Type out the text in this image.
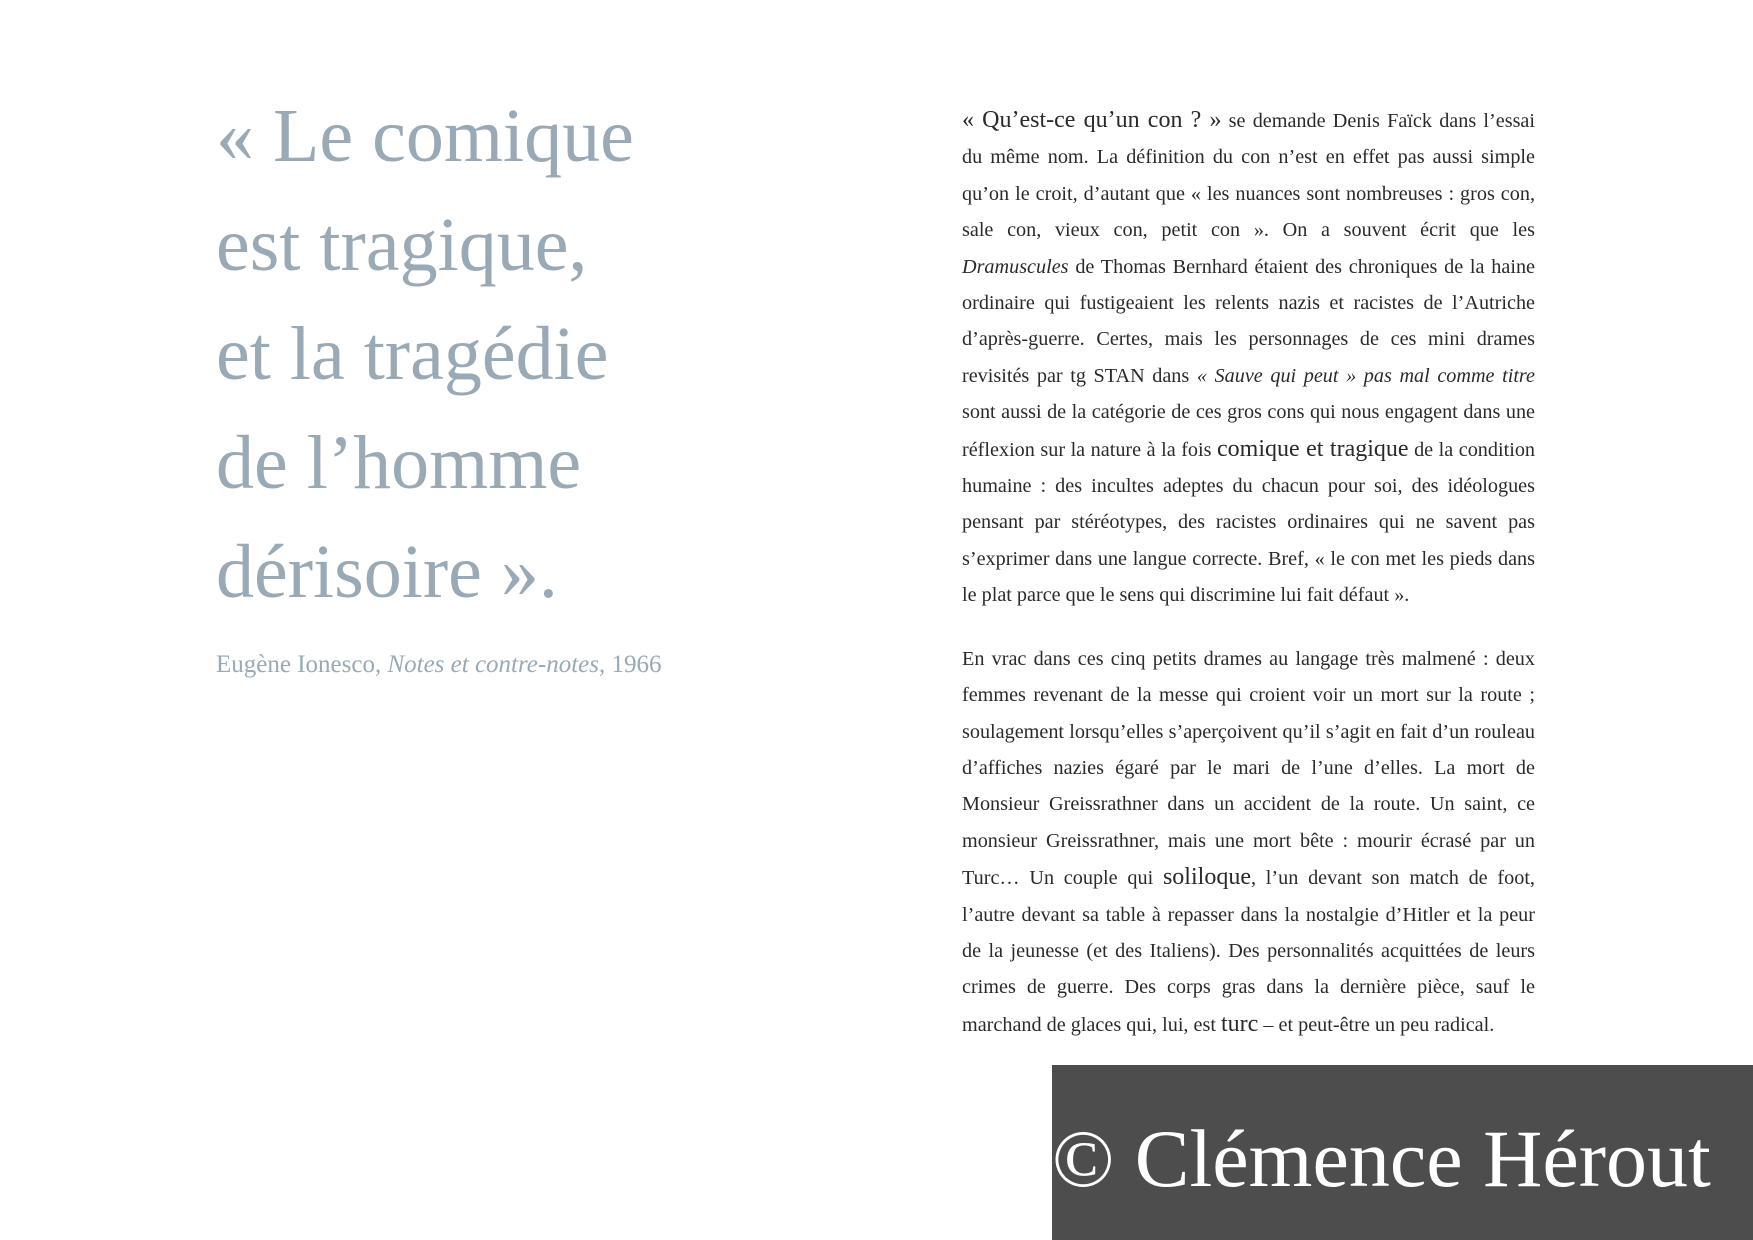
« Le comique
est tragique,
et la tragédie
de l’homme
dérisoire ».
Eugène Ionesco, Notes et contre-notes, 1966

« Qu’est-ce qu’un con ? » se demande Denis Faïck dans l’essai du même nom. La définition du con n’est en effet pas aussi simple qu’on le croit, d’autant que « les nuances sont nombreuses : gros con, sale con, vieux con, petit con ». On a souvent écrit que les Dramuscules de Thomas Bernhard étaient des chroniques de la haine ordinaire qui fustigeaient les relents nazis et racistes de l’Autriche d’après-guerre. Certes, mais les personnages de ces mini drames revisités par tg STAN dans « Sauve qui peut » pas mal comme titre sont aussi de la catégorie de ces gros cons qui nous engagent dans une réflexion sur la nature à la fois comique et tragique de la condition humaine : des incultes adeptes du chacun pour soi, des idéologues pensant par stéréotypes, des racistes ordinaires qui ne savent pas s’exprimer dans une langue correcte. Bref, « le con met les pieds dans le plat parce que le sens qui discrimine lui fait défaut ».

En vrac dans ces cinq petits drames au langage très malmené : deux femmes revenant de la messe qui croient voir un mort sur la route ; soulagement lorsqu’elles s’aperçoivent qu’il s’agit en fait d’un rouleau d’affiches nazies égaré par le mari de l’une d’elles. La mort de Monsieur Greissrathner dans un accident de la route. Un saint, ce monsieur Greissrathner, mais une mort bête : mourir écrasé par un Turc… Un couple qui soliloque, l’un devant son match de foot, l’autre devant sa table à repasser dans la nostalgie d’Hitler et la peur de la jeunesse (et des Italiens). Des personnalités acquittées de leurs crimes de guerre. Des corps gras dans la dernière pièce, sauf le marchand de glaces qui, lui, est turc – et peut-être un peu radical.

© Clémence Hérout
